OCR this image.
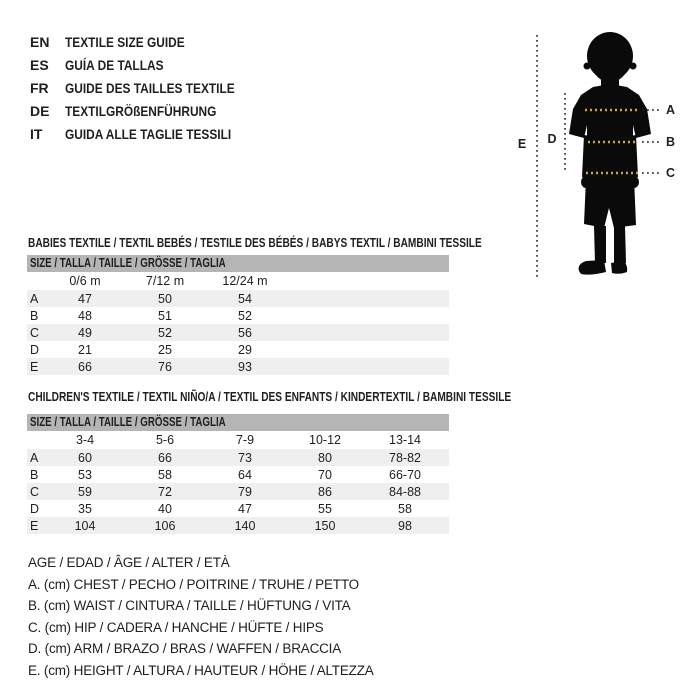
EN	TEXTILE SIZE GUIDE
ES	GUÍA DE TALLAS
FR	GUIDE DES TAILLES TEXTILE
DE	TEXTILGRÖßENFÜHRUNG
IT	GUIDA ALLE TAGLIE TESSILI
E D
A
B
C
BABIES TEXTILE / TEXTIL BEBÉS / TESTILE DES BÉBÉS / BABYS TEXTIL / BAMBINI TESSILE
SIZE / TALLA / TAILLE / GRÖSSE / TAGLIA
	0/6 m	7/12 m	12/24 m	
A	47	50	54	
B	48	51	52	
C	49	52	56	
D	21	25	29	
E	66	76	93	
CHILDREN'S TEXTILE / TEXTIL NIÑO/A / TEXTIL DES ENFANTS / KINDERTEXTIL / BAMBINI TESSILE
SIZE / TALLA / TAILLE / GRÖSSE / TAGLIA
	3-4	5-6	7-9	10-12	13-14	
A	60	66	73	80	78-82	
B	53	58	64	70	66-70	
C	59	72	79	86	84-88	
D	35	40	47	55	58	
E	104	106	140	150	98	
AGE / EDAD / ÂGE / ALTER / ETÀ
A. (cm) CHEST / PECHO / POITRINE / TRUHE / PETTO
B. (cm) WAIST / CINTURA / TAILLE / HÜFTUNG / VITA
C. (cm) HIP / CADERA / HANCHE / HÜFTE / HIPS
D. (cm) ARM / BRAZO / BRAS / WAFFEN / BRACCIA
E. (cm) HEIGHT / ALTURA / HAUTEUR / HÖHE / ALTEZZA
